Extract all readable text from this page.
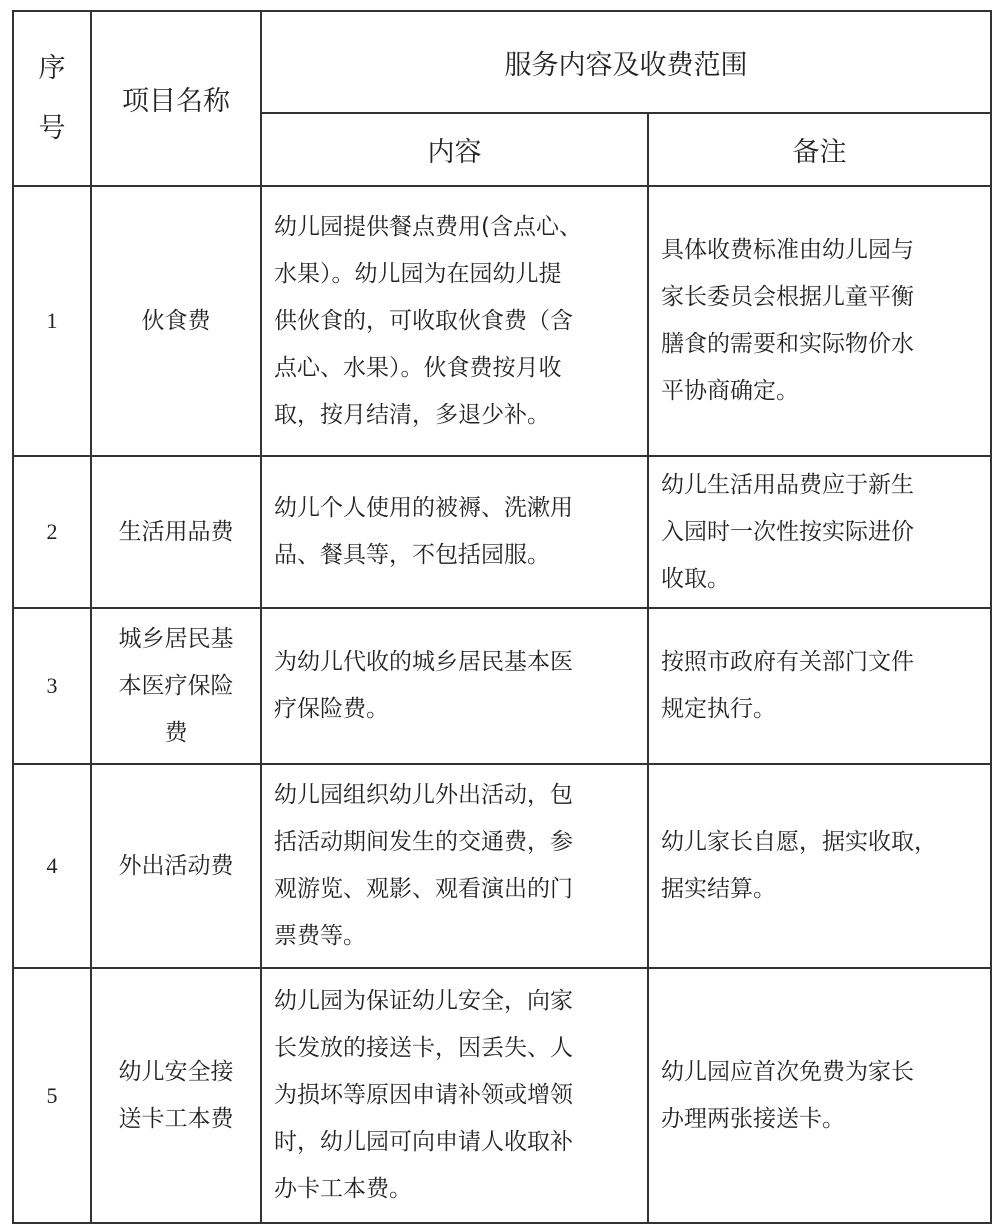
序
号	项目名称	服务内容及收费范围	
		内容	备注
1	伙食费	幼儿园提供餐点费用(含点心、
水果）。幼儿园为在园幼儿提
供伙食的，可收取伙食费（含
点心、水果）。伙食费按月收
取，按月结清，多退少补。	具体收费标准由幼儿园与
家长委员会根据儿童平衡
膳食的需要和实际物价水
平协商确定。

2	生活用品费	幼儿个人使用的被褥、洗漱用
品、餐具等，不包括园服。	幼儿生活用品费应于新生
入园时一次性按实际进价
收取。

3	城乡居民基
本医疗保险
费	为幼儿代收的城乡居民基本医
疗保险费。	按照市政府有关部门文件
规定执行。

4	外出活动费	幼儿园组织幼儿外出活动，包
括活动期间发生的交通费，参
观游览、观影、观看演出的门
票费等。	幼儿家长自愿，据实收取，
据实结算。

5	幼儿安全接
送卡工本费	幼儿园为保证幼儿安全，向家
长发放的接送卡，因丢失、人
为损坏等原因申请补领或增领
时，幼儿园可向申请人收取补
办卡工本费。	幼儿园应首次免费为家长
办理两张接送卡。
